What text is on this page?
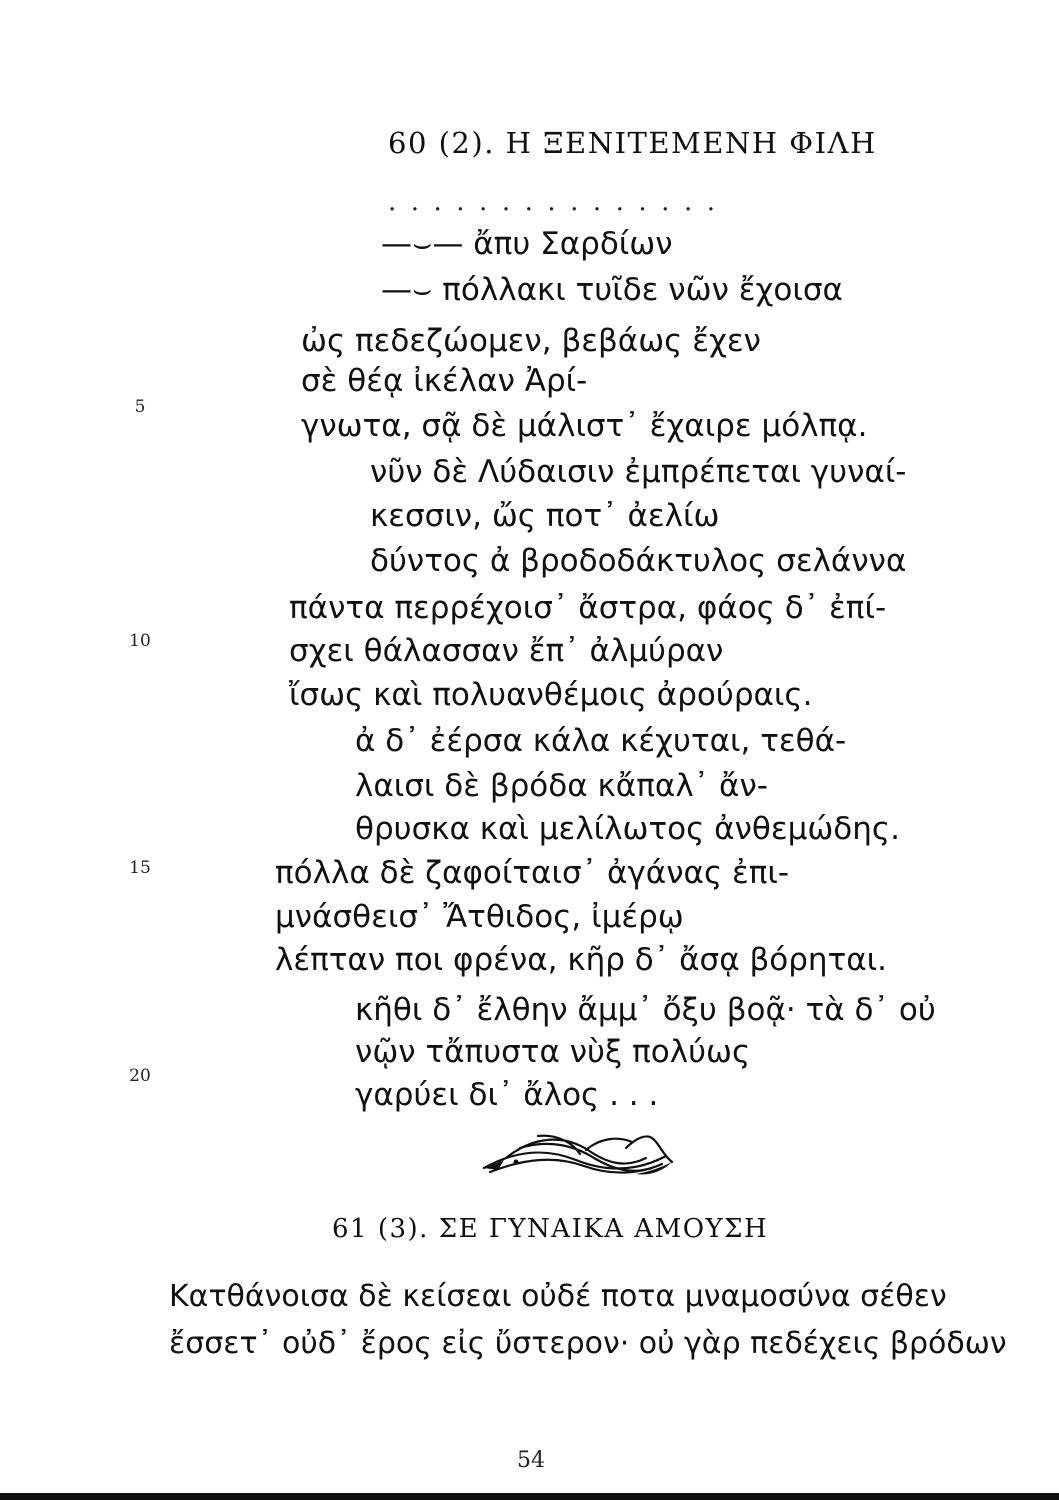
60 (2). Η ΞΕΝΙΤΕΜΕΝΗ ΦΙΛΗ
...............
—⌣— ἄπυ Σαρδίων
—⌣ πόλλακι τυῖδε νῶν ἔχοισα
ὠς πεδεζώομεν, βεβάως ἔχεν
σὲ θέᾳ ἰκέλαν Ἀρί-
γνωτα, σᾷ δὲ μάλιστ᾽ ἔχαιρε μόλπᾳ.
νῦν δὲ Λύδαισιν ἐμπρέπεται γυναί-
κεσσιν, ὤς ποτ᾽ ἀελίω
δύντος ἀ βροδοδάκτυλος σελάννα
πάντα περρέχοισ᾽ ἄστρα, φάος δ᾽ ἐπί-
σχει θάλασσαν ἔπ᾽ ἀλμύραν
ἴσως καὶ πολυανθέμοις ἀρούραις.
ἀ δ᾽ ἐέρσα κάλα κέχυται, τεθά-
λαισι δὲ βρόδα κἄπαλ᾽ ἄν-
θρυσκα καὶ μελίλωτος ἀνθεμώδης.
πόλλα δὲ ζαφοίταισ᾽ ἀγάνας ἐπι-
μνάσθεισ᾽ Ἄτθιδος, ἰμέρῳ
λέπταν ποι φρένα, κῆρ δ᾽ ἄσᾳ βόρηται.
κῆθι δ᾽ ἔλθην ἄμμ᾽ ὄξυ βοᾷ· τὰ δ᾽ οὐ
νῷν τἄπυστα νὺξ πολύως
γαρύει δι᾽ ἄλος . . .
5
10
15
20
61 (3). ΣΕ ΓΥΝΑΙΚΑ ΑΜΟΥΣΗ
Κατθάνοισα δὲ κείσεαι οὐδέ ποτα μναμοσύνα σέθεν
ἔσσετ᾽ οὐδ᾽ ἔρος εἰς ὔστερον· οὐ γὰρ πεδέχεις βρόδων
54
